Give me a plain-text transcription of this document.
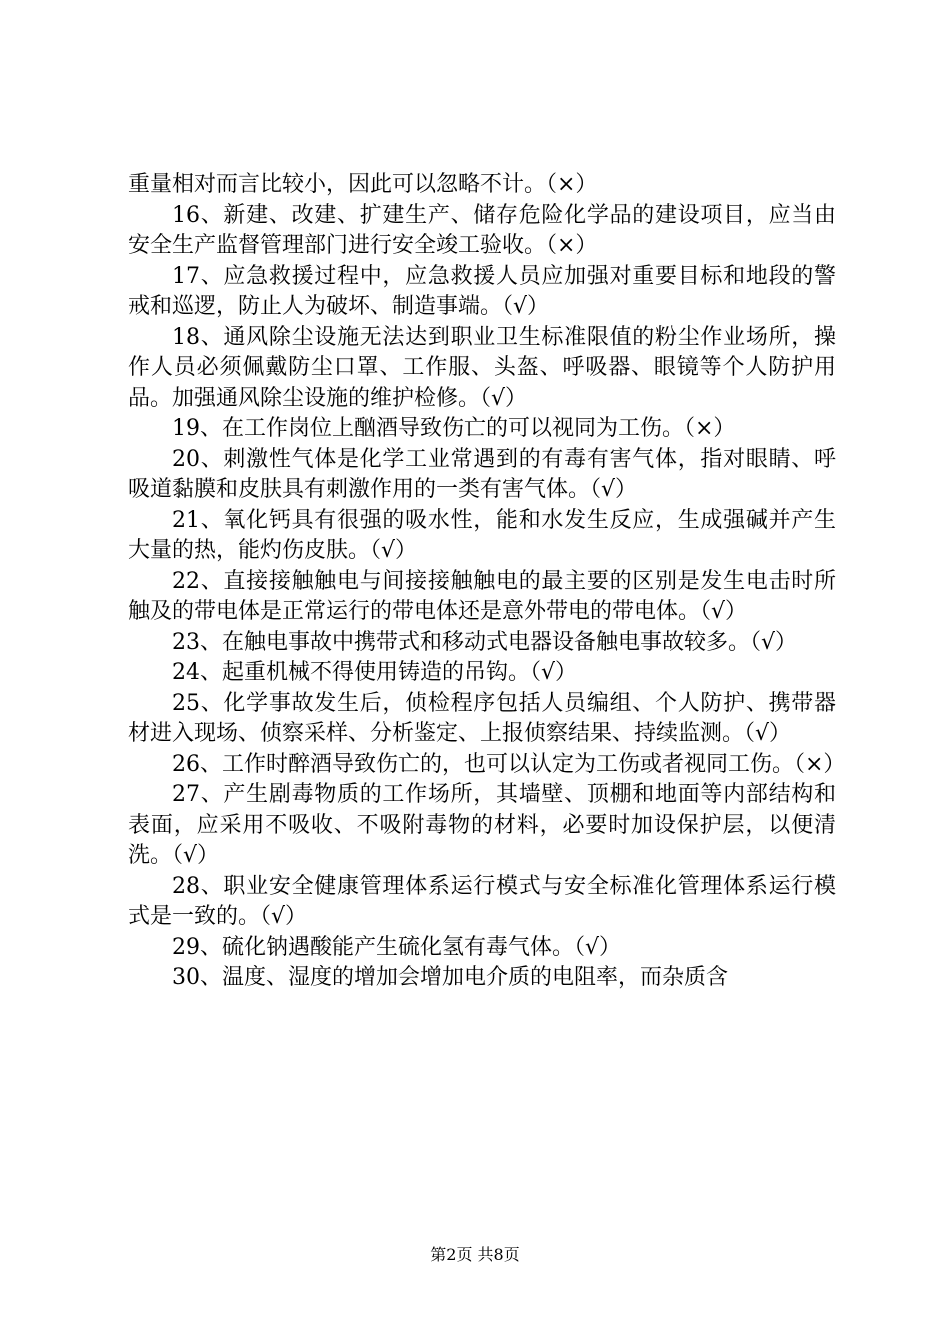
重量相对而言比较小，因此可以忽略不计。（×）

16、新建、改建、扩建生产、储存危险化学品的建设项目，应当由安全生产监督管理部门进行安全竣工验收。（×）

17、应急救援过程中，应急救援人员应加强对重要目标和地段的警戒和巡逻，防止人为破坏、制造事端。（√）

18、通风除尘设施无法达到职业卫生标准限值的粉尘作业场所，操作人员必须佩戴防尘口罩、工作服、头盔、呼吸器、眼镜等个人防护用品。加强通风除尘设施的维护检修。（√）

19、在工作岗位上酗酒导致伤亡的可以视同为工伤。（×）

20、刺激性气体是化学工业常遇到的有毒有害气体，指对眼睛、呼吸道黏膜和皮肤具有刺激作用的一类有害气体。（√）

21、氧化钙具有很强的吸水性，能和水发生反应，生成强碱并产生大量的热，能灼伤皮肤。（√）

22、直接接触触电与间接接触触电的最主要的区别是发生电击时所触及的带电体是正常运行的带电体还是意外带电的带电体。（√）

23、在触电事故中携带式和移动式电器设备触电事故较多。（√）

24、起重机械不得使用铸造的吊钩。（√）

25、化学事故发生后，侦检程序包括人员编组、个人防护、携带器材进入现场、侦察采样、分析鉴定、上报侦察结果、持续监测。（√）

26、工作时醉酒导致伤亡的，也可以认定为工伤或者视同工伤。（×）

27、产生剧毒物质的工作场所，其墙壁、顶棚和地面等内部结构和表面，应采用不吸收、不吸附毒物的材料，必要时加设保护层，以便清洗。（√）

28、职业安全健康管理体系运行模式与安全标准化管理体系运行模式是一致的。（√）

29、硫化钠遇酸能产生硫化氢有毒气体。（√）

30、温度、湿度的增加会增加电介质的电阻率，而杂质含

第2页 共8页
